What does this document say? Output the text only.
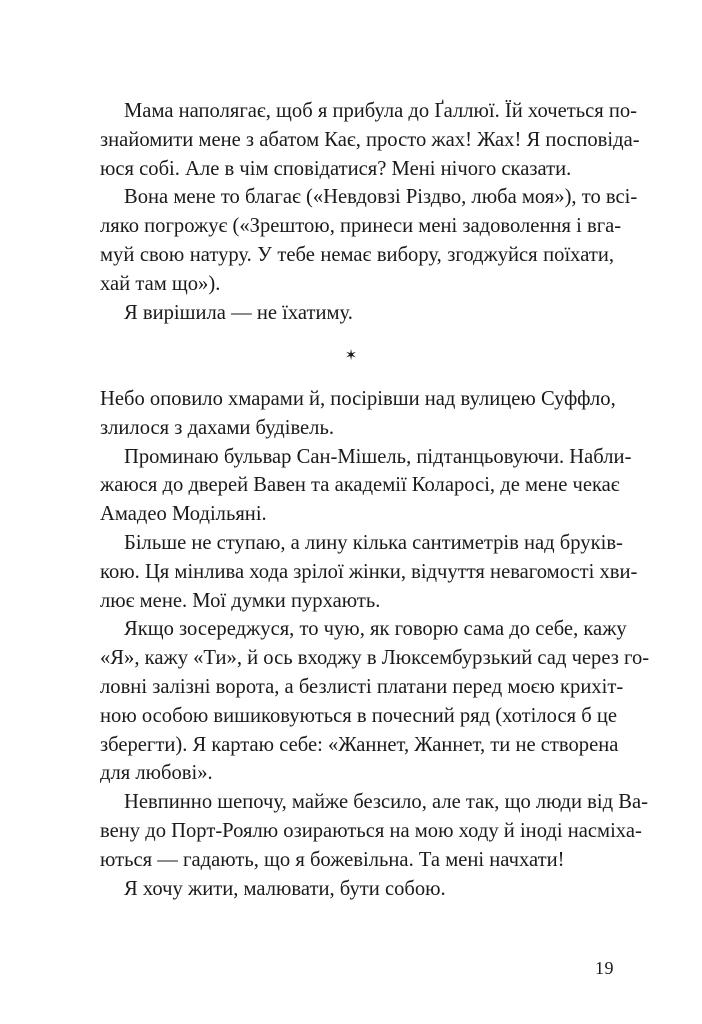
Мама наполягає, щоб я прибула до Ґаллюї. Їй хочеться по-
знайомити мене з абатом Кає, просто жах! Жах! Я посповіда-
юся собі. Але в чім сповідатися? Мені нічого сказати.
Вона мене то благає («Невдовзі Різдво, люба моя»), то всі-
ляко погрожує («Зрештою, принеси мені задоволення і вга-
муй свою натуру. У тебе немає вибору, згоджуйся поїхати,
хай там що»).
Я вирішила — не їхатиму.
✶
Небо оповило хмарами й, посірівши над вулицею Суффло,
злилося з дахами будівель.
Проминаю бульвар Сан-Мішель, підтанцьовуючи. Набли-
жаюся до дверей Вавен та академії Коларосі, де мене чекає
Амадео Модільяні.
Більше не ступаю, а лину кілька сантиметрів над бруків-
кою. Ця мінлива хода зрілої жінки, відчуття невагомості хви-
лює мене. Мої думки пурхають.
Якщо зосереджуся, то чую, як говорю сама до себе, кажу
«Я», кажу «Ти», й ось входжу в Люксембурзький сад через го-
ловні залізні ворота, а безлисті платани перед моєю крихіт-
ною особою вишиковуються в почесний ряд (хотілося б це
зберегти). Я картаю себе: «Жаннет, Жаннет, ти не створена
для любові».
Невпинно шепочу, майже безсило, але так, що люди від Ва-
вену до Порт-Роялю озираються на мою ходу й іноді насміха-
ються — гадають, що я божевільна. Та мені начхати!
Я хочу жити, малювати, бути собою.
19
